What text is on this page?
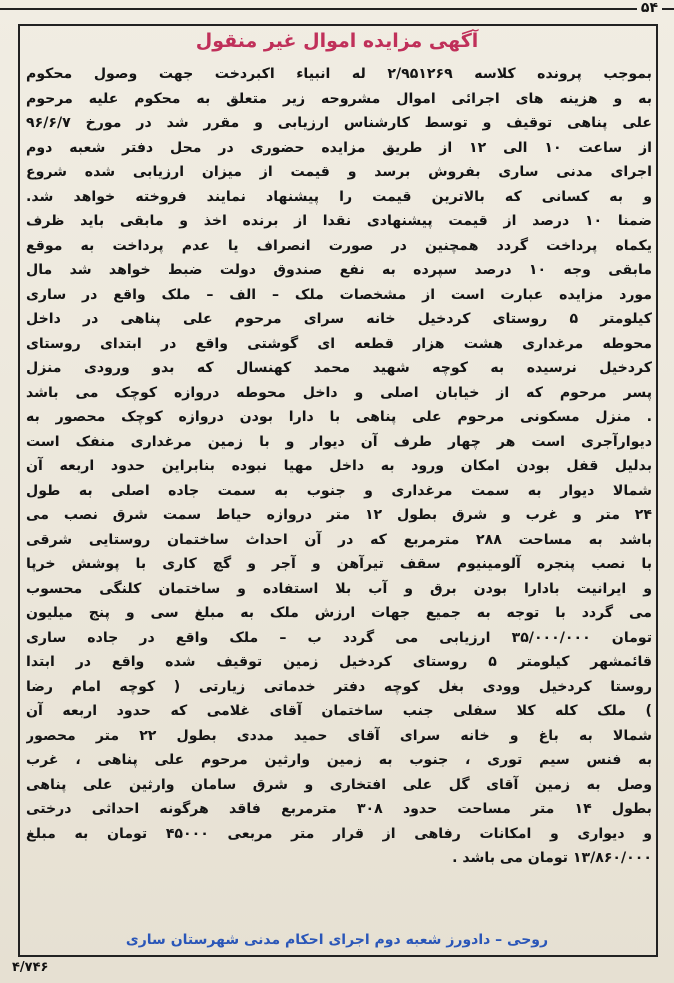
۵۴
آگهی مزایده اموال غیر منقول
بموجب پرونده کلاسه ۲/۹۵۱۲۶۹ له انبیاء اکبردخت جهت وصول محکوم
به و هزینه های اجرائی اموال مشروحه زیر متعلق به محکوم علیه مرحوم
علی پناهی توقیف و توسط کارشناس ارزیابی و مقرر شد در مورخ ۹۶/۶/۷
از ساعت ۱۰ الی ۱۲ از طریق مزایده حضوری در محل دفتر شعبه دوم
اجرای مدنی ساری بفروش برسد و قیمت از میزان ارزیابی شده شروع
و به کسانی که بالاترین قیمت را پیشنهاد نمایند فروخته خواهد شد.
ضمنا ۱۰ درصد از قیمت پیشنهادی نقدا از برنده اخذ و مابقی باید ظرف
یکماه پرداخت گردد همچنین در صورت انصراف یا عدم پرداخت به موقع
مابقی وجه ۱۰ درصد سپرده به نفع صندوق دولت ضبط خواهد شد مال
مورد مزایده عبارت است از مشخصات ملک – الف – ملک واقع در ساری
کیلومتر ۵ روستای کردخیل خانه سرای مرحوم علی پناهی در داخل
محوطه مرغداری هشت هزار قطعه ای گوشتی واقع در ابتدای روستای
کردخیل نرسیده به کوچه شهید محمد کهنسال که بدو ورودی منزل
پسر مرحوم که از خیابان اصلی و داخل محوطه دروازه کوچک می باشد
. منزل مسکونی مرحوم علی پناهی با دارا بودن دروازه کوچک محصور به
دیوارآجری است هر چهار طرف آن دیوار و با زمین مرغداری منفک است
بدلیل قفل بودن امکان ورود به داخل مهیا نبوده بنابراین حدود اربعه آن
شمالا دیوار به سمت مرغداری و جنوب به سمت جاده اصلی به طول
۲۴ متر و غرب و شرق بطول ۱۲ متر دروازه حیاط سمت شرق نصب می
باشد به مساحت ۲۸۸ مترمربع که در آن احداث ساختمان روستایی شرقی
با نصب پنجره آلومینیوم سقف تیرآهن و آجر و گچ کاری با پوشش خرپا
و ایرانیت بادارا بودن برق و آب بلا استفاده و ساختمان کلنگی محسوب
می گردد با توجه به جمیع جهات ارزش ملک به مبلغ سی و پنج میلیون
تومان ۳۵/۰۰۰/۰۰۰ ارزیابی می گردد ب – ملک واقع در جاده ساری
قائمشهر کیلومتر ۵ روستای کردخیل زمین توقیف شده واقع در ابتدا
روستا کردخیل وودی بغل کوچه دفتر خدماتی زیارتی ( کوچه امام رضا
) ملک کله کلا سفلی جنب ساختمان آقای غلامی که حدود اربعه آن
شمالا به باغ و خانه سرای آقای حمید مددی بطول ۲۲ متر محصور
به فنس سیم توری ، جنوب به زمین وارثین مرحوم علی پناهی ، غرب
وصل به زمین آقای گل علی افتخاری و شرق سامان وارثین علی پناهی
بطول ۱۴ متر مساحت حدود ۳۰۸ مترمربع فاقد هرگونه احداثی درختی
و دیواری و امکانات رفاهی از قرار متر مربعی ۴۵۰۰۰ تومان به مبلغ
۱۳/۸۶۰/۰۰۰ تومان می باشد .
روحی – دادورز شعبه دوم اجرای احکام مدنی شهرستان ساری
۴/۷۴۶
